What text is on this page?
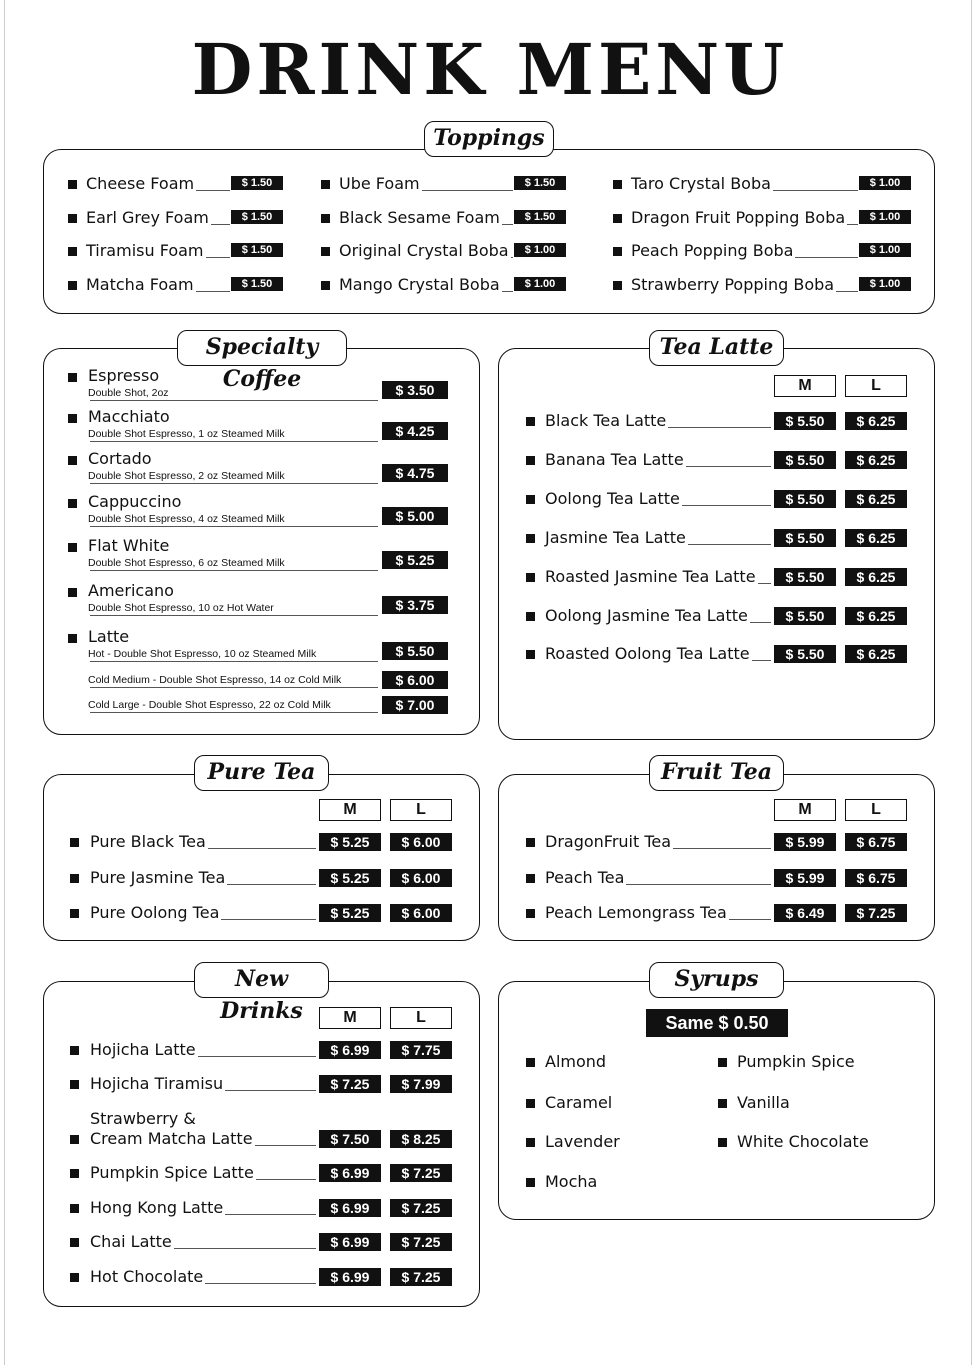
DRINK MENU
Toppings
Specialty Coffee
Tea Latte
Pure Tea	Fruit Tea
New Drinks
Syrups
Same $ 0.50
Cheese Foam	$ 1.50
Earl Grey Foam	$ 1.50
Tiramisu Foam	$ 1.50
Matcha Foam	$ 1.50
Ube Foam	$ 1.50
Black Sesame Foam	$ 1.50
Original Crystal Boba	$ 1.00
Mango Crystal Boba	$ 1.00
Taro Crystal Boba	$ 1.00
Dragon Fruit Popping Boba	$ 1.00
Peach Popping Boba	$ 1.00
Strawberry Popping Boba	$ 1.00
Espresso
Double Shot, 2oz	$ 3.50
Macchiato
Double Shot Espresso, 1 oz Steamed Milk	$ 4.25
Cortado
Double Shot Espresso, 2 oz Steamed Milk	$ 4.75
Cappuccino
Double Shot Espresso, 4 oz Steamed Milk	$ 5.00
Flat White
Double Shot Espresso, 6 oz Steamed Milk	$ 5.25
Americano
Double Shot Espresso, 10 oz Hot Water	$ 3.75
Latte
Hot - Double Shot Espresso, 10 oz Steamed Milk	$ 5.50
Cold Medium - Double Shot Espresso, 14 oz Cold Milk	$ 6.00
Cold Large - Double Shot Espresso, 22 oz Cold Milk	$ 7.00
M	L
Black Tea Latte	$ 5.50	$ 6.25
Banana Tea Latte	$ 5.50	$ 6.25
Oolong Tea Latte	$ 5.50	$ 6.25
Jasmine Tea Latte	$ 5.50	$ 6.25
Roasted Jasmine Tea Latte	$ 5.50	$ 6.25
Oolong Jasmine Tea Latte	$ 5.50	$ 6.25
Roasted Oolong Tea Latte	$ 5.50	$ 6.25
M	L
Pure Black Tea	$ 5.25	$ 6.00
Pure Jasmine Tea	$ 5.25	$ 6.00
Pure Oolong Tea	$ 5.25	$ 6.00
M	L
DragonFruit Tea	$ 5.99	$ 6.75
Peach Tea	$ 5.99	$ 6.75
Peach Lemongrass Tea	$ 6.49	$ 7.25
M	L
Hojicha Latte	$ 6.99	$ 7.75
Hojicha Tiramisu	$ 7.25	$ 7.99
Strawberry &
Cream Matcha Latte	$ 7.50	$ 8.25
Pumpkin Spice Latte	$ 6.99	$ 7.25
Hong Kong Latte	$ 6.99	$ 7.25
Chai Latte	$ 6.99	$ 7.25
Hot Chocolate	$ 6.99	$ 7.25
Almond
Caramel
Lavender
Mocha
Pumpkin Spice
Vanilla
White Chocolate
